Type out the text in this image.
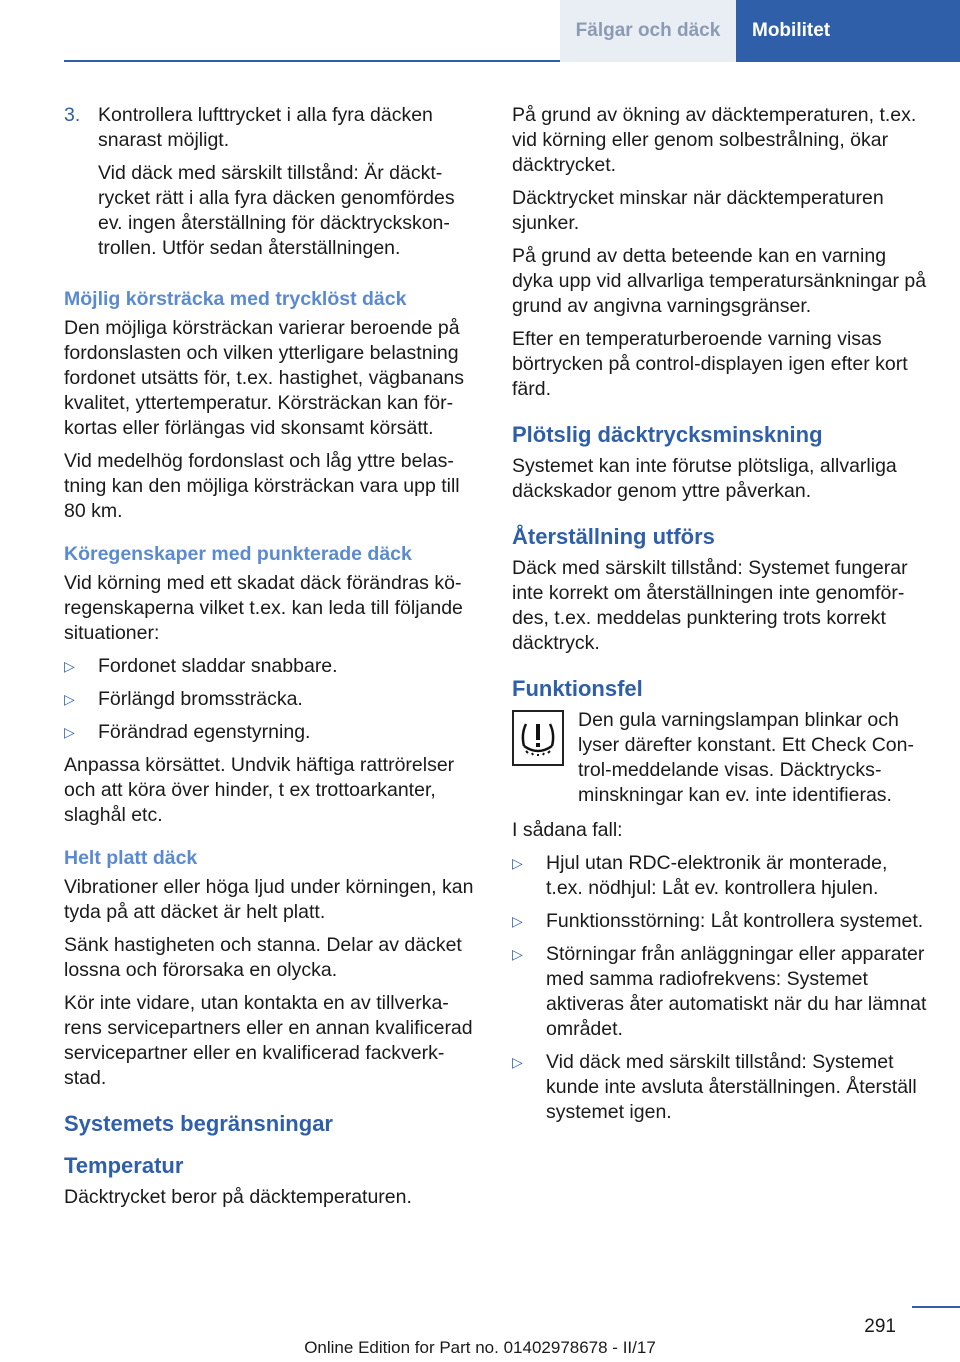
Fälgar och däck	Mobilitet
3. Kontrollera lufttrycket i alla fyra däcken snarast möjligt.

Vid däck med särskilt tillstånd: Är däcktrycket rätt i alla fyra däcken genomfördes ev. ingen återställning för däcktryckskontrollen. Utför sedan återställningen.

Möjlig körsträcka med trycklöst däck

Den möjliga körsträckan varierar beroende på fordonslasten och vilken ytterligare belastning fordonet utsätts för, t.ex. hastighet, vägbanans kvalitet, yttertemperatur. Körsträckan kan förkortas eller förlängas vid skonsamt körsätt.

Vid medelhög fordonslast och låg yttre belastning kan den möjliga körsträckan vara upp till 80 km.

Köregenskaper med punkterade däck

Vid körning med ett skadat däck förändras köregenskaperna vilket t.ex. kan leda till följande situationer:

▷	Fordonet sladdar snabbare.
▷	Förlängd bromssträcka.
▷	Förändrad egenstyrning.

Anpassa körsättet. Undvik häftiga rattrörelser och att köra över hinder, t ex trottoarkanter, slaghål etc.

Helt platt däck

Vibrationer eller höga ljud under körningen, kan tyda på att däcket är helt platt.

Sänk hastigheten och stanna. Delar av däcket lossna och förorsaka en olycka.

Kör inte vidare, utan kontakta en av tillverkarens servicepartners eller en annan kvalificerad servicepartner eller en kvalificerad fackverkstad.

Systemets begränsningar
Temperatur

Däcktrycket beror på däcktemperaturen.

På grund av ökning av däcktemperaturen, t.ex. vid körning eller genom solbestrålning, ökar däcktrycket.

Däcktrycket minskar när däcktemperaturen sjunker.

På grund av detta beteende kan en varning dyka upp vid allvarliga temperatursänkningar på grund av angivna varningsgränser.

Efter en temperaturberoende varning visas börtrycken på control-displayen igen efter kort färd.

Plötslig däcktrycksminskning

Systemet kan inte förutse plötsliga, allvarliga däckskador genom yttre påverkan.

Återställning utförs

Däck med särskilt tillstånd: Systemet fungerar inte korrekt om återställningen inte genomfördes, t.ex. meddelas punktering trots korrekt däcktryck.

Funktionsfel

Den gula varningslampan blinkar och lyser därefter konstant. Ett Check Control-meddelande visas. Däcktrycksminskningar kan ev. inte identifieras.

I sådana fall:

▷	Hjul utan RDC-elektronik är monterade, t.ex. nödhjul: Låt ev. kontrollera hjulen.
▷	Funktionsstörning: Låt kontrollera systemet.
▷	Störningar från anläggningar eller apparater med samma radiofrekvens: Systemet aktiveras åter automatiskt när du har lämnat området.
▷	Vid däck med särskilt tillstånd: Systemet kunde inte avsluta återställningen. Återställ systemet igen.
291
Online Edition for Part no. 01402978678 - II/17
